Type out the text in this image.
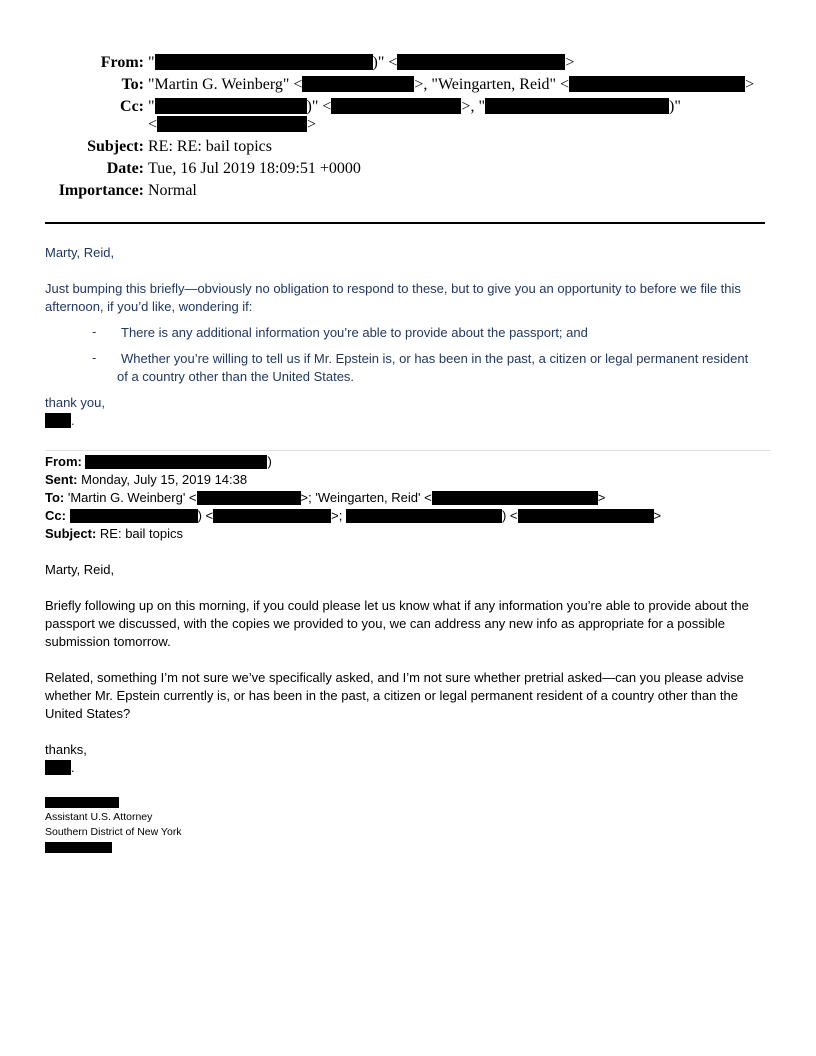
From: "	)" <	>
To: "Martin G. Weinberg" <	>, "Weingarten, Reid" <	>
Cc: "	)" <	>, "	)"
<	>
Subject: RE: RE: bail topics
Date: Tue, 16 Jul 2019 18:09:51 +0000
Importance: Normal
Marty, Reid,
Just bumping this briefly—obviously no obligation to respond to these, but to give you an opportunity to before we file this afternoon, if you’d like, wondering if:
- There is any additional information you’re able to provide about the passport; and
-	Whether you’re willing to tell us if Mr. Epstein is, or has been in the past, a citizen or legal permanent resident of a country other than the United States.
thank you,
.
From:	)
Sent: Monday, July 15, 2019 14:38
To: 'Martin G. Weinberg' <	>; 'Weingarten, Reid' <	>
Cc:	) <	>;	) <	>
Subject: RE: bail topics
Marty, Reid,
Briefly following up on this morning, if you could please let us know what if any information you’re able to provide about the passport we discussed, with the copies we provided to you, we can address any new info as appropriate for a possible submission tomorrow.
Related, something I’m not sure we’ve specifically asked, and I’m not sure whether pretrial asked—can you please advise whether Mr. Epstein currently is, or has been in the past, a citizen or legal permanent resident of a country other than the United States?
thanks,
.
Assistant U.S. Attorney
Southern District of New York
